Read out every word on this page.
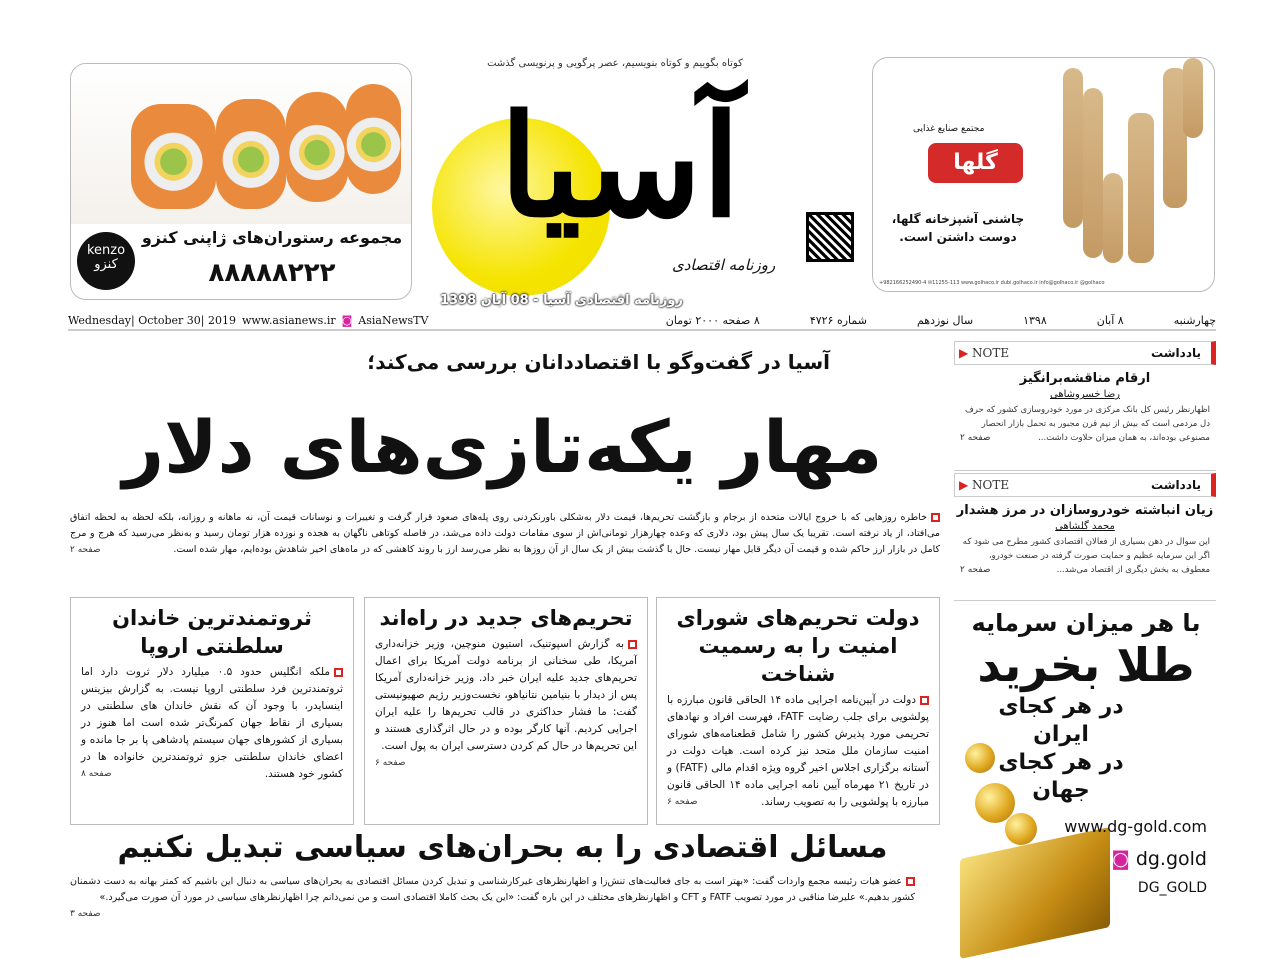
مجموعه رستوران‌های ژاپنی کنزو
۸۸۸۸۸۲۲۲
kenzo کنزو
کوتاه بگوییم و کوتاه بنویسیم، عصر پرگویی و پرنویسی گذشت
آسیا
روزنامه اقتصادی
مجتمع صنایع غذایی
گلها
چاشنی آشپزخانه گلها،
دوست داشتن است.
+982166252490-4 ✉11255-113 www.golhaco.ir dubi.golhaco.ir info@golhaco.ir @golhaco
Wednesday| October 30| 2019 www.asianews.ir ◙ AsiaNewsTV	چهارشنبه
۸ آبان
۱۳۹۸
سال نوزدهم
شماره ۴۷۲۶
۸ صفحه ۲۰۰۰ تومان
آسیا در گفت‌وگو با اقتصاددانان بررسی می‌کند؛
مهار یکه‌تازی‌های دلار
خاطره روزهایی که با خروج ایالات متحده از برجام و بازگشت تحریم‌ها، قیمت دلار به‌شکلی باورنکردنی روی پله‌های صعود قرار گرفت و تغییرات و نوسانات قیمت آن، نه ماهانه و روزانه، بلکه لحظه به لحظه اتفاق می‌افتاد، از یاد نرفته است. تقریبا یک سال پیش بود، دلاری که وعده چهارهزار تومانی‌اش از سوی مقامات دولت داده می‌شد، در فاصله کوتاهی ناگهان به هجده و نوزده هزار تومان رسید و به‌نظر می‌رسید که هرج و مرج کامل در بازار ارز حاکم شده و قیمت آن دیگر قابل مهار نیست. حال با گذشت بیش از یک سال از آن روزها به نظر می‌رسد ارز با روند کاهشی که در ماه‌های اخیر شاهدش بوده‌ایم، مهار شده است.
صفحه ۲
دولت تحریم‌های شورای امنیت را به رسمیت شناخت

دولت در آیین‌نامه اجرایی ماده ۱۴ الحاقی قانون مبارزه با پولشویی برای جلب رضایت FATF، فهرست افراد و نهادهای تحریمی مورد پذیرش کشور را شامل قطعنامه‌های شورای امنیت سازمان ملل متحد نیز کرده است. هیات دولت در آستانه برگزاری اجلاس اخیر گروه ویژه اقدام مالی (FATF) و در تاریخ ۲۱ مهرماه آیین نامه اجرایی ماده ۱۴ الحاقی قانون مبارزه با پولشویی را به تصویب رساند.
صفحه ۶

تحریم‌های جدید در راه‌اند

به گزارش اسپوتنیک، استیون منوچین، وزیر خزانه‌داری آمریکا، طی سخنانی از برنامه دولت آمریکا برای اعمال تحریم‌های جدید علیه ایران خبر داد. وزیر خزانه‌داری آمریکا پس از دیدار با بنیامین نتانیاهو، نخست‌وزیر رژیم صهیونیستی گفت: ما فشار حداکثری در قالب تحریم‌ها را علیه ایران اجرایی کردیم. آنها کارگر بوده و در حال اثرگذاری هستند و این تحریم‌ها در حال کم کردن دسترسی ایران به پول است.
صفحه ۶

ثروتمندترین خاندان سلطنتی اروپا

ملکه انگلیس حدود ۰.۵ میلیارد دلار ثروت دارد اما ثروتمندترین فرد سلطنتی اروپا نیست. به گزارش بیزینس اینسایدر، با وجود آن که نقش خاندان های سلطنتی در بسیاری از نقاط جهان کمرنگ‌تر شده است اما هنوز در بسیاری از کشورهای جهان سیستم پادشاهی پا بر جا مانده و اعضای خاندان سلطنتی جزو ثروتمندترین خانواده ها در کشور خود هستند.
صفحه ۸

مسائل اقتصادی را به بحران‌های سیاسی تبدیل نکنیم
عضو هیات رئیسه مجمع واردات گفت: «بهتر است به جای فعالیت‌های تنش‌زا و اظهارنظرهای غیرکارشناسی و تبدیل کردن مسائل اقتصادی به بحران‌های سیاسی به دنبال این باشیم که کمتر بهانه به دست دشمنان کشور بدهیم.» علیرضا مناقبی در مورد تصویب FATF و CFT و اظهارنظرهای مختلف در این باره گفت: «این یک بحث کاملا اقتصادی است و من نمی‌دانم چرا اظهارنظرهای سیاسی در مورد آن صورت می‌گیرد.»
صفحه ۳
یادداشت
▶ NOTE
ارقام مناقشه‌برانگیز
رضا خسروشاهی

اظهارنظر رئیس کل بانک مرکزی در مورد خودروسازی کشور که حرف دل مردمی است که بیش از نیم قرن مجبور به تحمل بازار انحصار مصنوعی بوده‌اند، به همان میزان حلاوت داشت...
صفحه ۲

یادداشت
▶ NOTE
زیان انباشته خودروسازان در مرز هشدار
محمد گلشاهی

این سوال در ذهن بسیاری از فعالان اقتصادی کشور مطرح می شود که اگر این سرمایه عظیم و حمایت صورت گرفته در صنعت خودرو، معطوف به بخش دیگری از اقتصاد می‌شد...
صفحه ۲

با هر میزان سرمایه
طلا بخرید
در هر کجای
ایران
در هر کجای
جهان
www.dg-gold.com
◙ dg.gold
DG_GOLD
روزنامه اقتصادی آسیا - 08 آبان 1398
